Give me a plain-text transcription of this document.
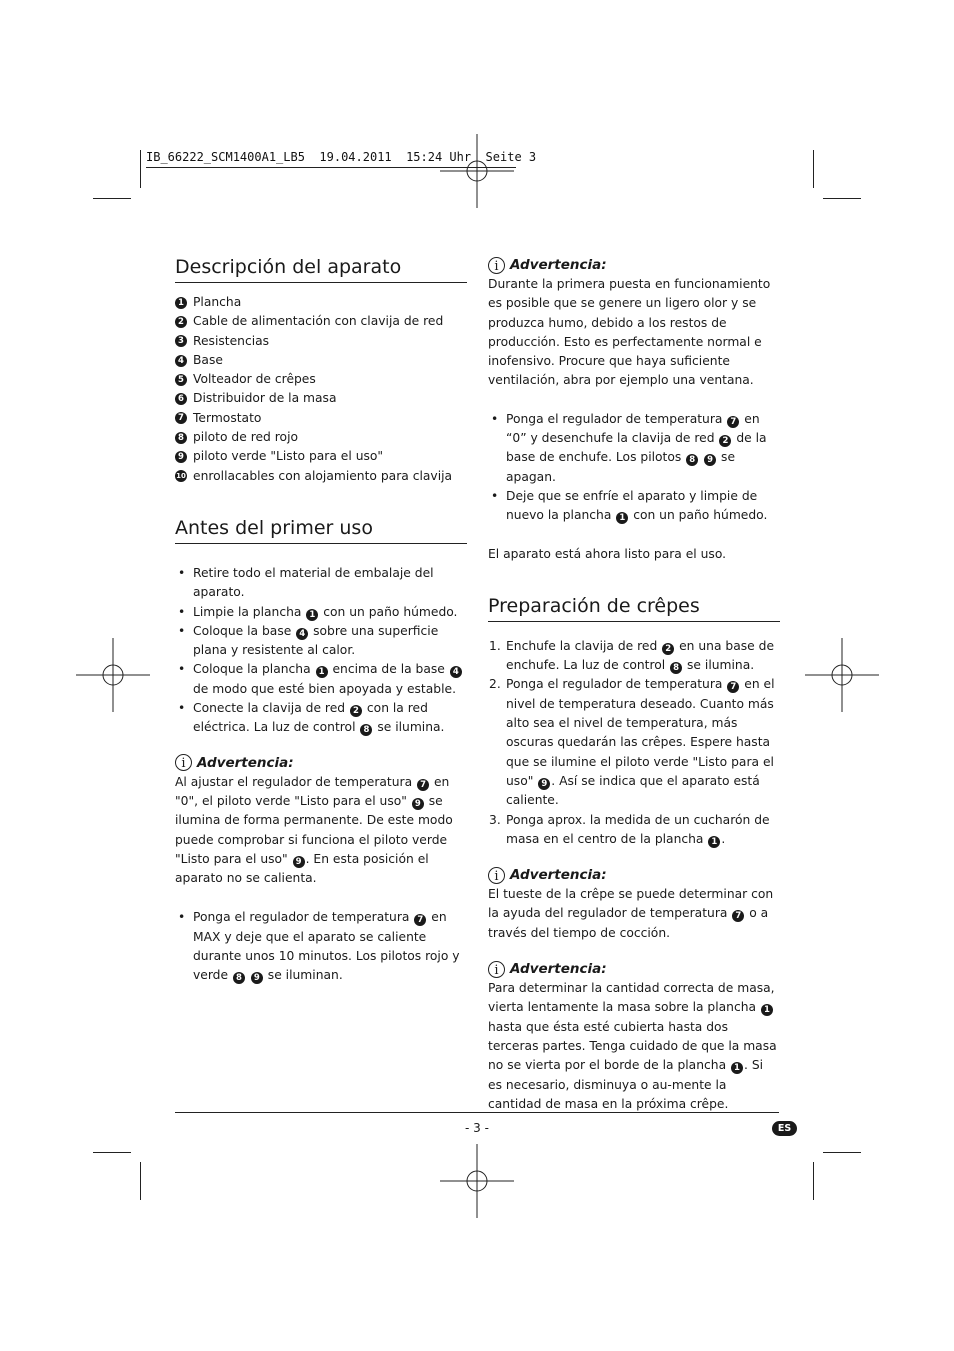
IB_66222_SCM1400A1_LB5  19.04.2011  15:24 Uhr  Seite 3
Descripción del aparato
1 Plancha
2 Cable de alimentación con clavija de red
3 Resistencias
4 Base
5 Volteador de crêpes
6 Distribuidor de la masa
7 Termostato
8 piloto de red rojo
9 piloto verde "Listo para el uso"
10 enrollacables con alojamiento para clavija
Antes del primer uso
• Retire todo el material de embalaje del aparato.
• Limpie la plancha 1 con un paño húmedo.
• Coloque la base 4 sobre una superficie plana y resistente al calor.
• Coloque la plancha 1 encima de la base 4 de modo que esté bien apoyada y estable.
• Conecte la clavija de red 2 con la red eléctrica. La luz de control 8 se ilumina.
i Advertencia:

Al ajustar el regulador de temperatura 7 en "0", el piloto verde "Listo para el uso" 9 se ilumina de forma permanente. De este modo puede comprobar si funciona el piloto verde "Listo para el uso" 9 . En esta posición el aparato no se calienta.

• Ponga el regulador de temperatura 7 en MAX y deje que el aparato se caliente durante unos 10 minutos. Los pilotos rojo y verde 8 9 se iluminan.
i Advertencia:

Durante la primera puesta en funcionamiento es posible que se genere un ligero olor y se produzca humo, debido a los restos de producción. Esto es perfectamente normal e inofensivo. Procure que haya suficiente ventilación, abra por ejemplo una ventana.

• Ponga el regulador de temperatura 7 en “0” y desenchufe la clavija de red 2 de la base de enchufe. Los pilotos 8 9 se apagan.
• Deje que se enfríe el aparato y limpie de nuevo la plancha 1 con un paño húmedo.

El aparato está ahora listo para el uso.

Preparación de crêpes
1. Enchufe la clavija de red 2 en una base de enchufe. La luz de control 8 se ilumina.
2. Ponga el regulador de temperatura 7 en el nivel de temperatura deseado. Cuanto más alto sea el nivel de temperatura, más oscuras quedarán las crêpes. Espere hasta que se ilumine el piloto verde "Listo para el uso" 9 . Así se indica que el aparato está caliente.
3. Ponga aprox. la medida de un cucharón de masa en el centro de la plancha 1 .
i Advertencia:

El tueste de la crêpe se puede determinar con la ayuda del regulador de temperatura 7 o a través del tiempo de cocción.

i Advertencia:

Para determinar la cantidad correcta de masa, vierta lentamente la masa sobre la plancha 1 hasta que ésta esté cubierta hasta dos terceras partes. Tenga cuidado de que la masa no se vierta por el borde de la plancha 1 . Si es necesario, disminuya o au-mente la cantidad de masa en la próxima crêpe.

- 3 -	ES
